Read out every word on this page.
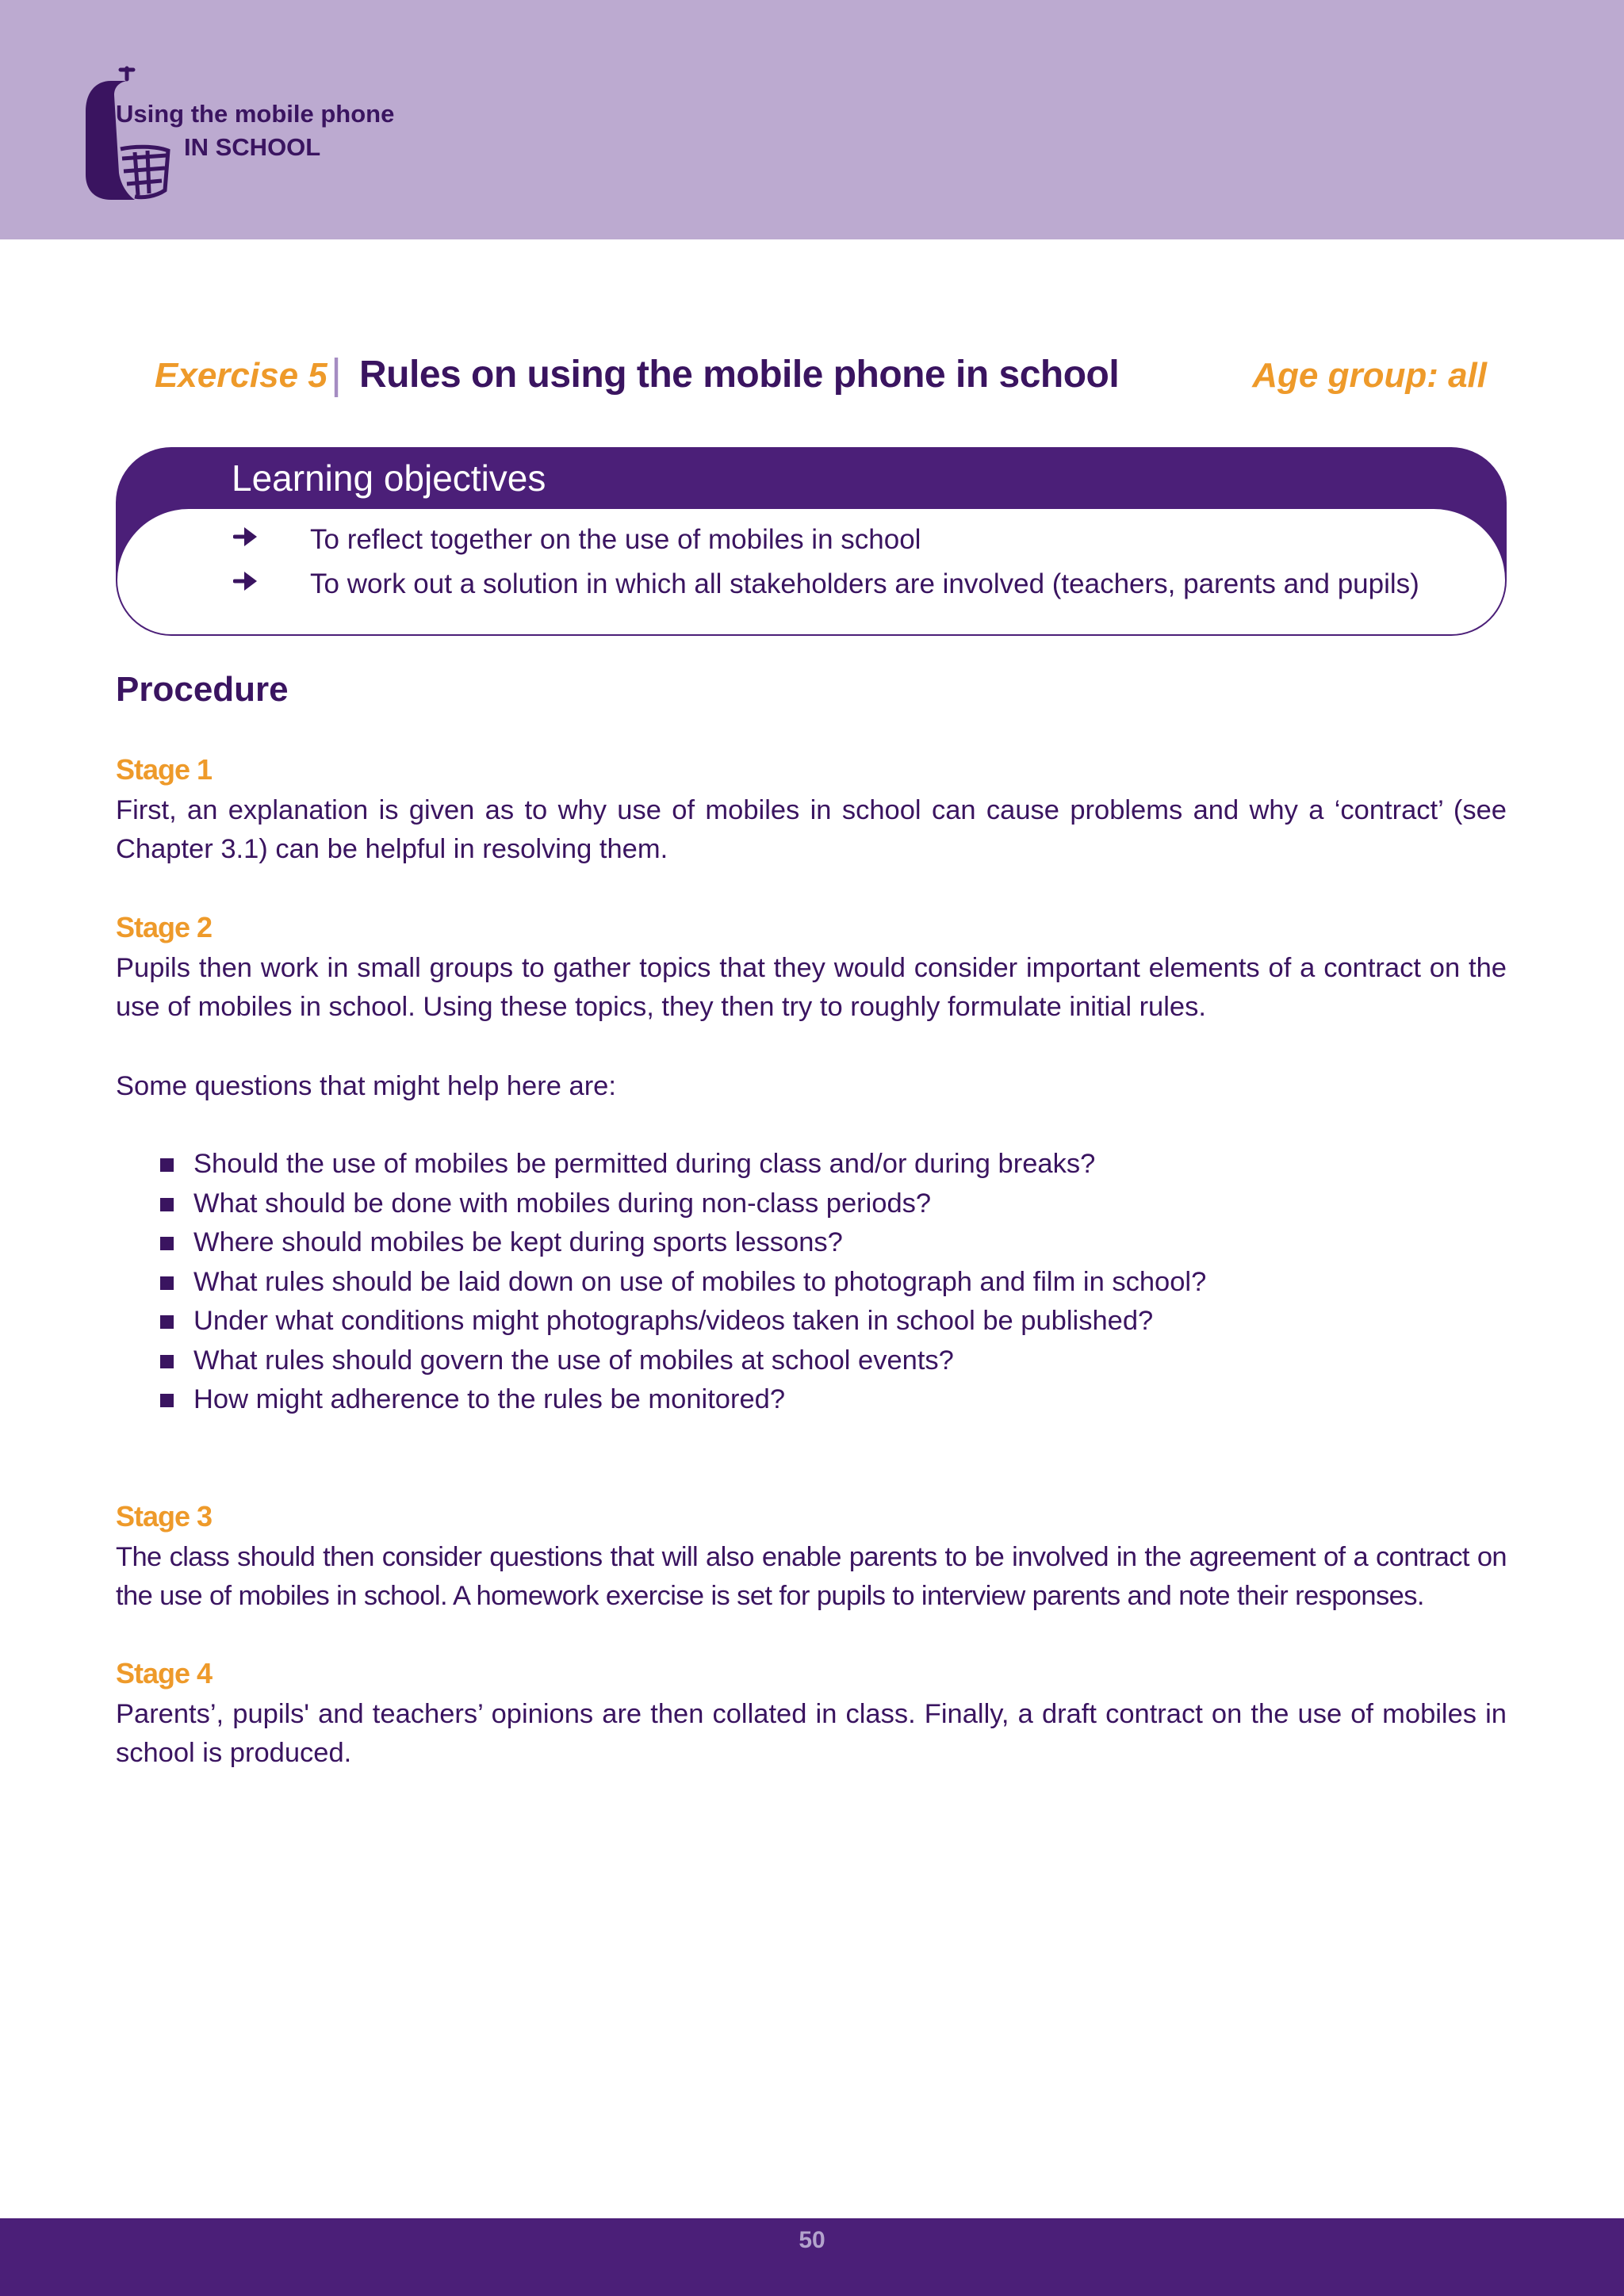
Using the mobile phone
IN SCHOOL
Exercise 5 | Rules on using the mobile phone in school	Age group: all
Learning objectives
To reflect together on the use of mobiles in school
To work out a solution in which all stakeholders are involved (teachers, parents and pupils)
Procedure
Stage 1
First, an explanation is given as to why use of mobiles in school can cause problems and why a ‘contract’ (see Chapter 3.1) can be helpful in resolving them.
Stage 2
Pupils then work in small groups to gather topics that they would consider important elements of a contract on the use of mobiles in school. Using these topics, they then try to roughly formulate initial rules.
Some questions that might help here are:
Should the use of mobiles be permitted during class and/or during breaks?
What should be done with mobiles during non-class periods?
Where should mobiles be kept during sports lessons?
What rules should be laid down on use of mobiles to photograph and film in school?
Under what conditions might photographs/videos taken in school be published?
What rules should govern the use of mobiles at school events?
How might adherence to the rules be monitored?
Stage 3
The class should then consider questions that will also enable parents to be involved in the agreement of a contract on the use of mobiles in school. A homework exercise is set for pupils to interview parents and note their responses.
Stage 4
Parents’, pupils' and teachers’ opinions are then collated in class. Finally, a draft contract on the use of mobiles in school is produced.
50
